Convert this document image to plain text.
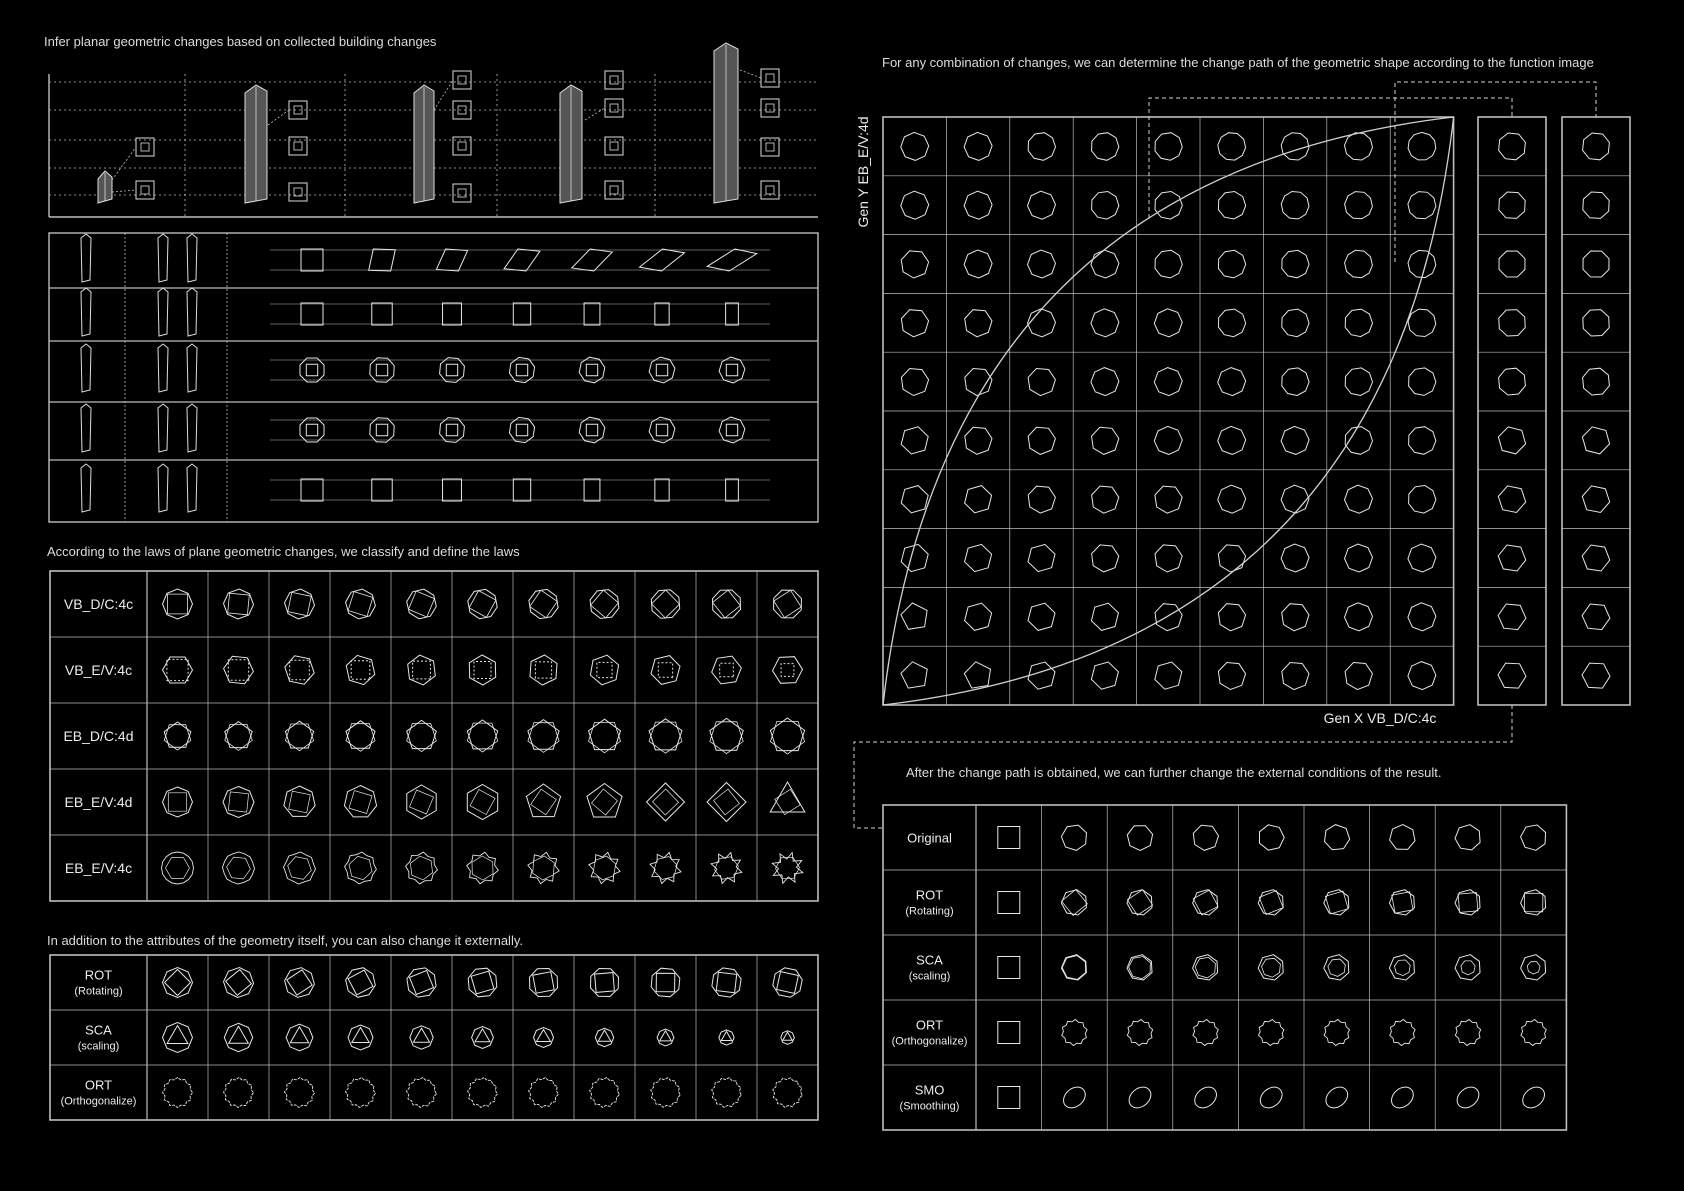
Infer planar geometric changes based on collected building changes
According to the laws of plane geometric changes, we classify and define the laws
In addition to the attributes of the geometry itself, you can also change it externally.
For any combination of changes, we can determine the change path of the geometric shape according to the function image
After the change path is obtained, we can further change the external conditions of the result.
VB_D/C:4c
VB_E/V:4c
EB_D/C:4d
EB_E/V:4d
EB_E/V:4c
ROT
(Rotating)
SCA
(scaling)
ORT
(Orthogonalize)
Gen Y EB_E/V:4d
Gen X VB_D/C:4c
Original
ROT
(Rotating)
SCA
(scaling)
ORT
(Orthogonalize)
SMO
(Smoothing)
